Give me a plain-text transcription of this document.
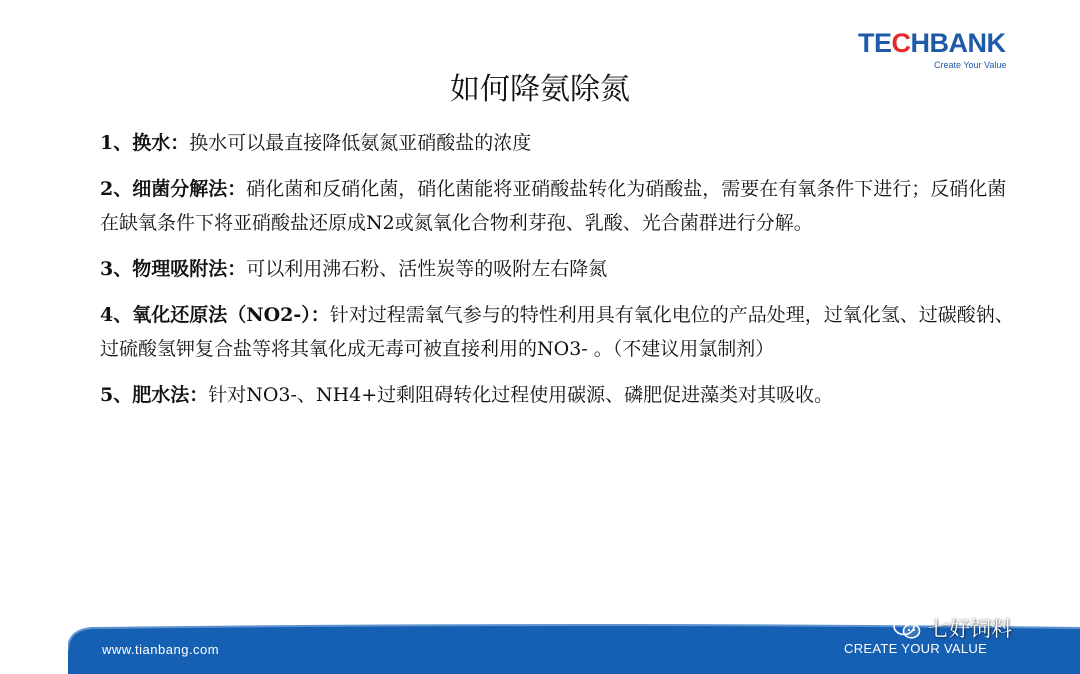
TECHBANK
Create Your Value
如何降氨除氮

1、换水：换水可以最直接降低氨氮亚硝酸盐的浓度

2、细菌分解法：硝化菌和反硝化菌，硝化菌能将亚硝酸盐转化为硝酸盐，需要在有氧条件下进行；反硝化菌在缺氧条件下将亚硝酸盐还原成N2或氮氧化合物利芽孢、乳酸、光合菌群进行分解。

3、物理吸附法：可以利用沸石粉、活性炭等的吸附左右降氮

4、氧化还原法（NO2-）：针对过程需氧气参与的特性利用具有氧化电位的产品处理，过氧化氢、过碳酸钠、过硫酸氢钾复合盐等将其氧化成无毒可被直接利用的NO3- 。（不建议用氯制剂）

5、肥水法：针对NO3-、NH4+过剩阻碍转化过程使用碳源、磷肥促进藻类对其吸收。

www.tianbang.com	CREATE YOUR VALUE
七好饲料
